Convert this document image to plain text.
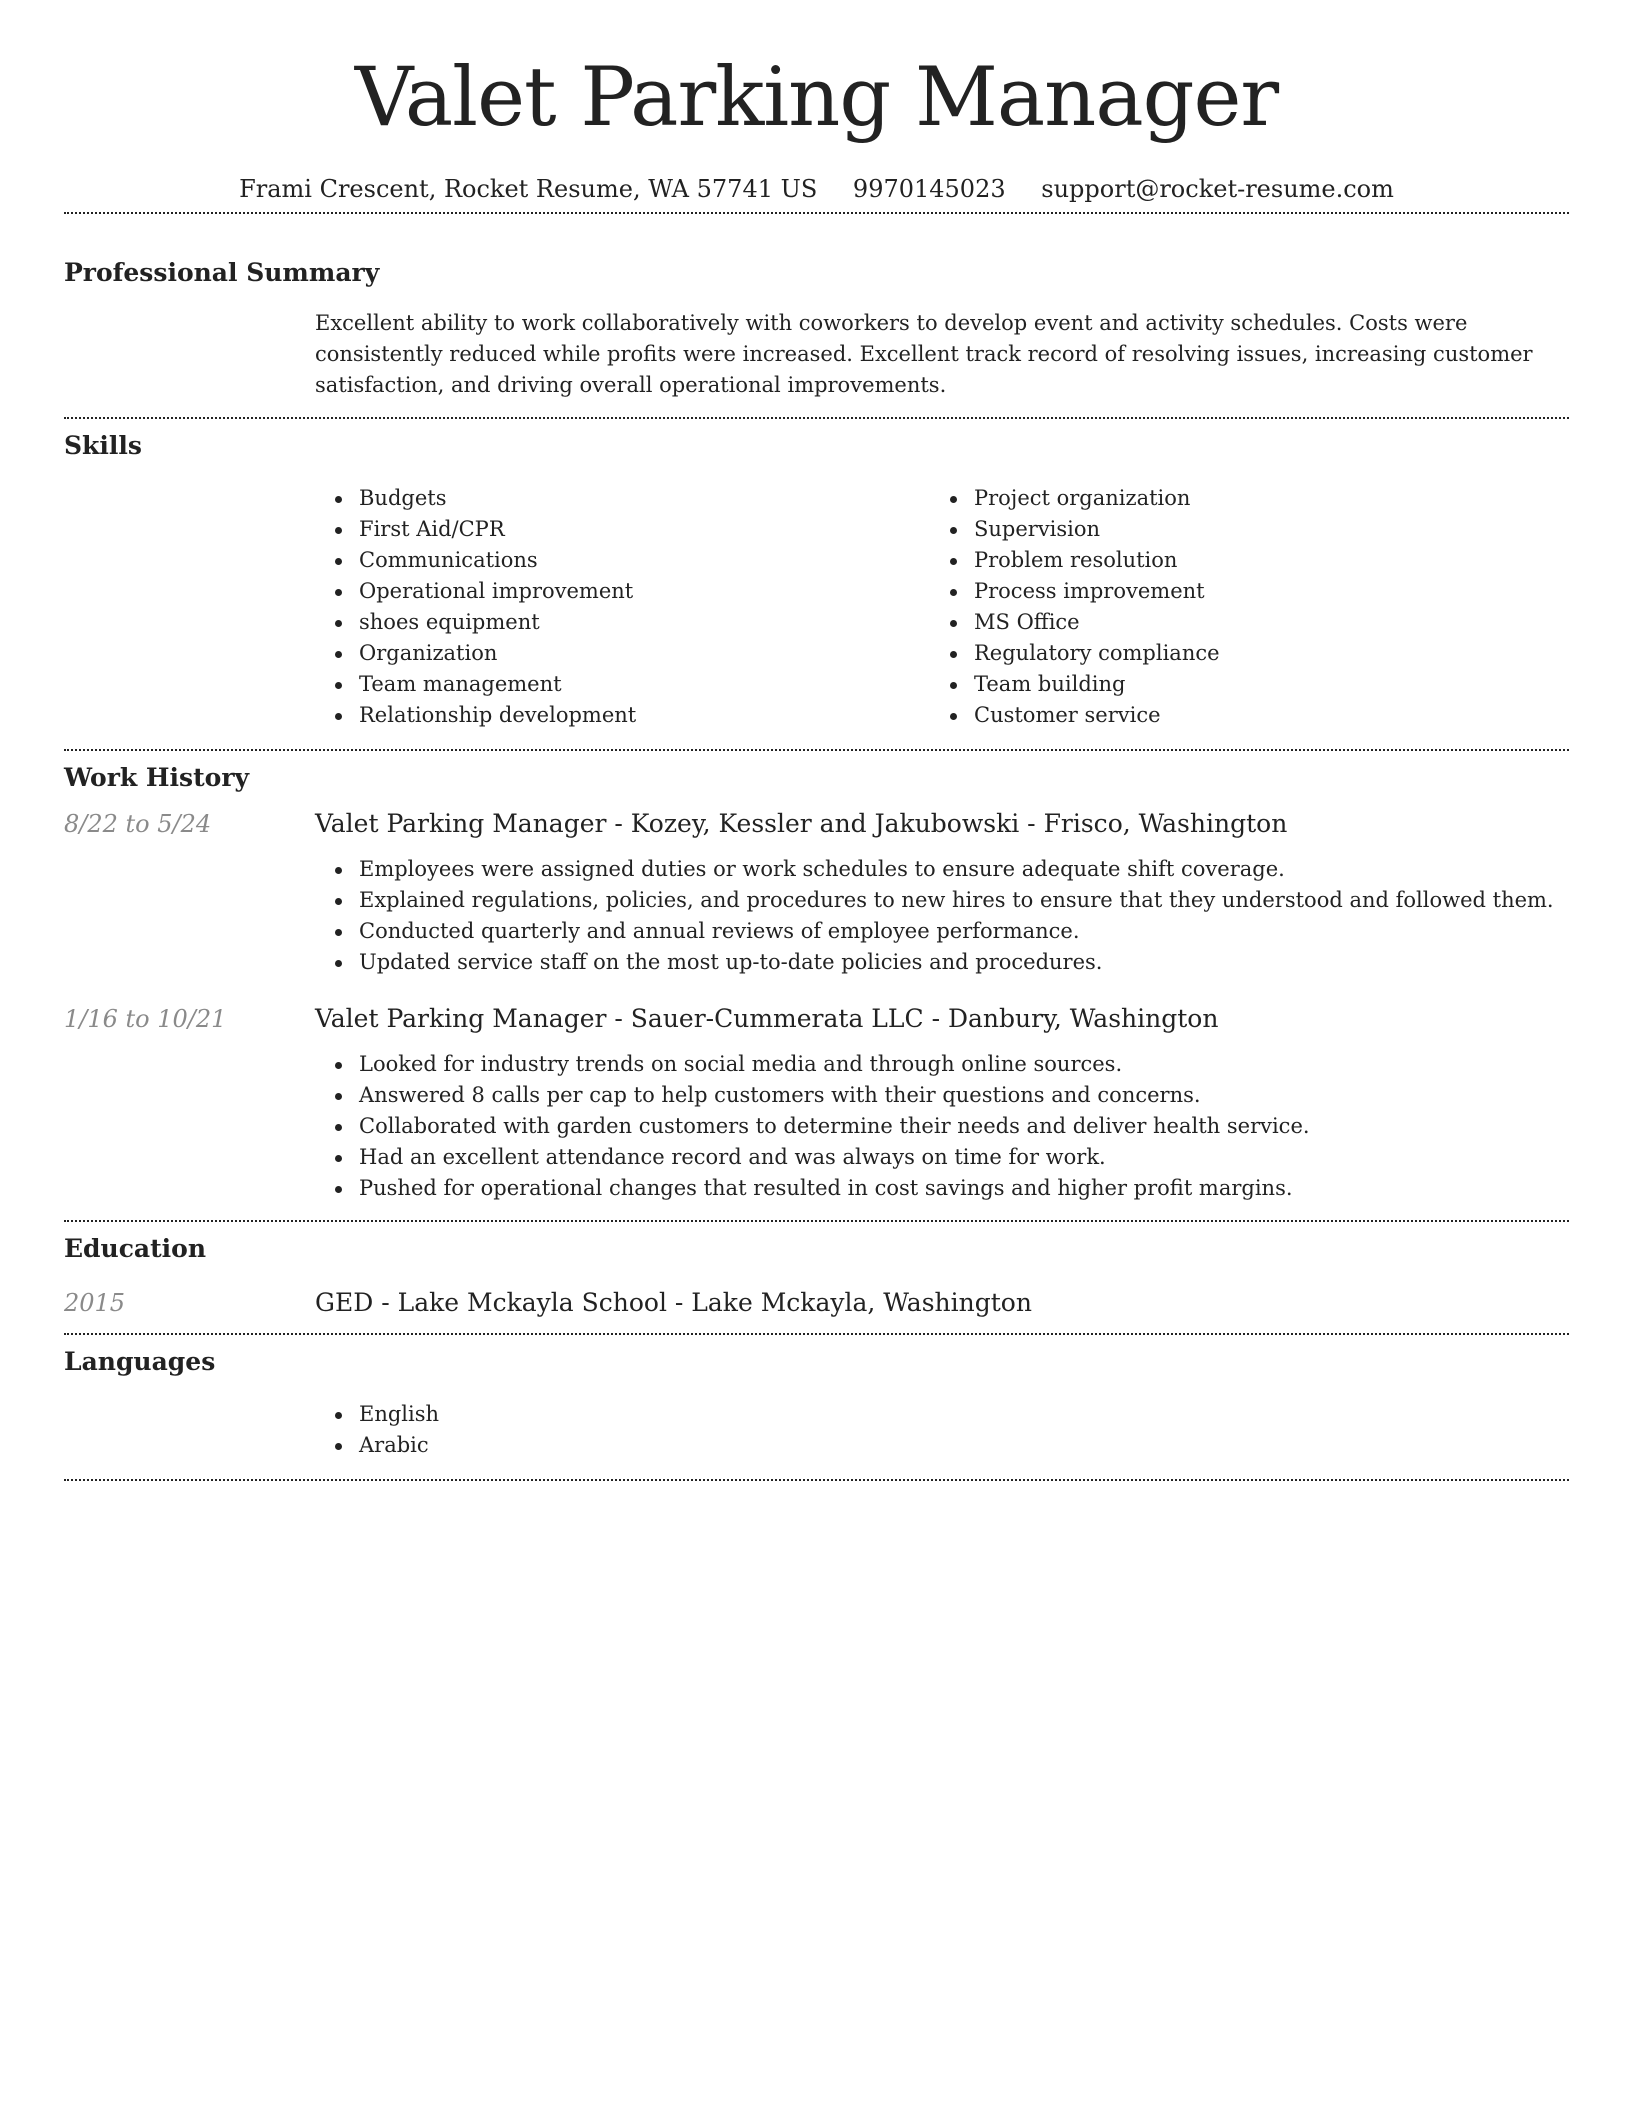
Valet Parking Manager
Frami Crescent, Rocket Resume, WA 57741 US 9970145023 support@rocket-resume.com
Professional Summary

Excellent ability to work collaboratively with coworkers to develop event and activity schedules. Costs were consistently reduced while profits were increased. Excellent track record of resolving issues, increasing customer satisfaction, and driving overall operational improvements.

Skills
Budgets
First Aid/CPR
Communications
Operational improvement
shoes equipment
Organization
Team management
Relationship development
Project organization
Supervision
Problem resolution
Process improvement
MS Office
Regulatory compliance
Team building
Customer service
Work History
8/22 to 5/24	Valet Parking Manager - Kozey, Kessler and Jakubowski - Frisco, Washington
Employees were assigned duties or work schedules to ensure adequate shift coverage.
Explained regulations, policies, and procedures to new hires to ensure that they understood and followed them.
Conducted quarterly and annual reviews of employee performance.
Updated service staff on the most up-to-date policies and procedures.
1/16 to 10/21	Valet Parking Manager - Sauer-Cummerata LLC - Danbury, Washington
Looked for industry trends on social media and through online sources.
Answered 8 calls per cap to help customers with their questions and concerns.
Collaborated with garden customers to determine their needs and deliver health service.
Had an excellent attendance record and was always on time for work.
Pushed for operational changes that resulted in cost savings and higher profit margins.
Education
2015	GED - Lake Mckayla School - Lake Mckayla, Washington
Languages
English
Arabic
